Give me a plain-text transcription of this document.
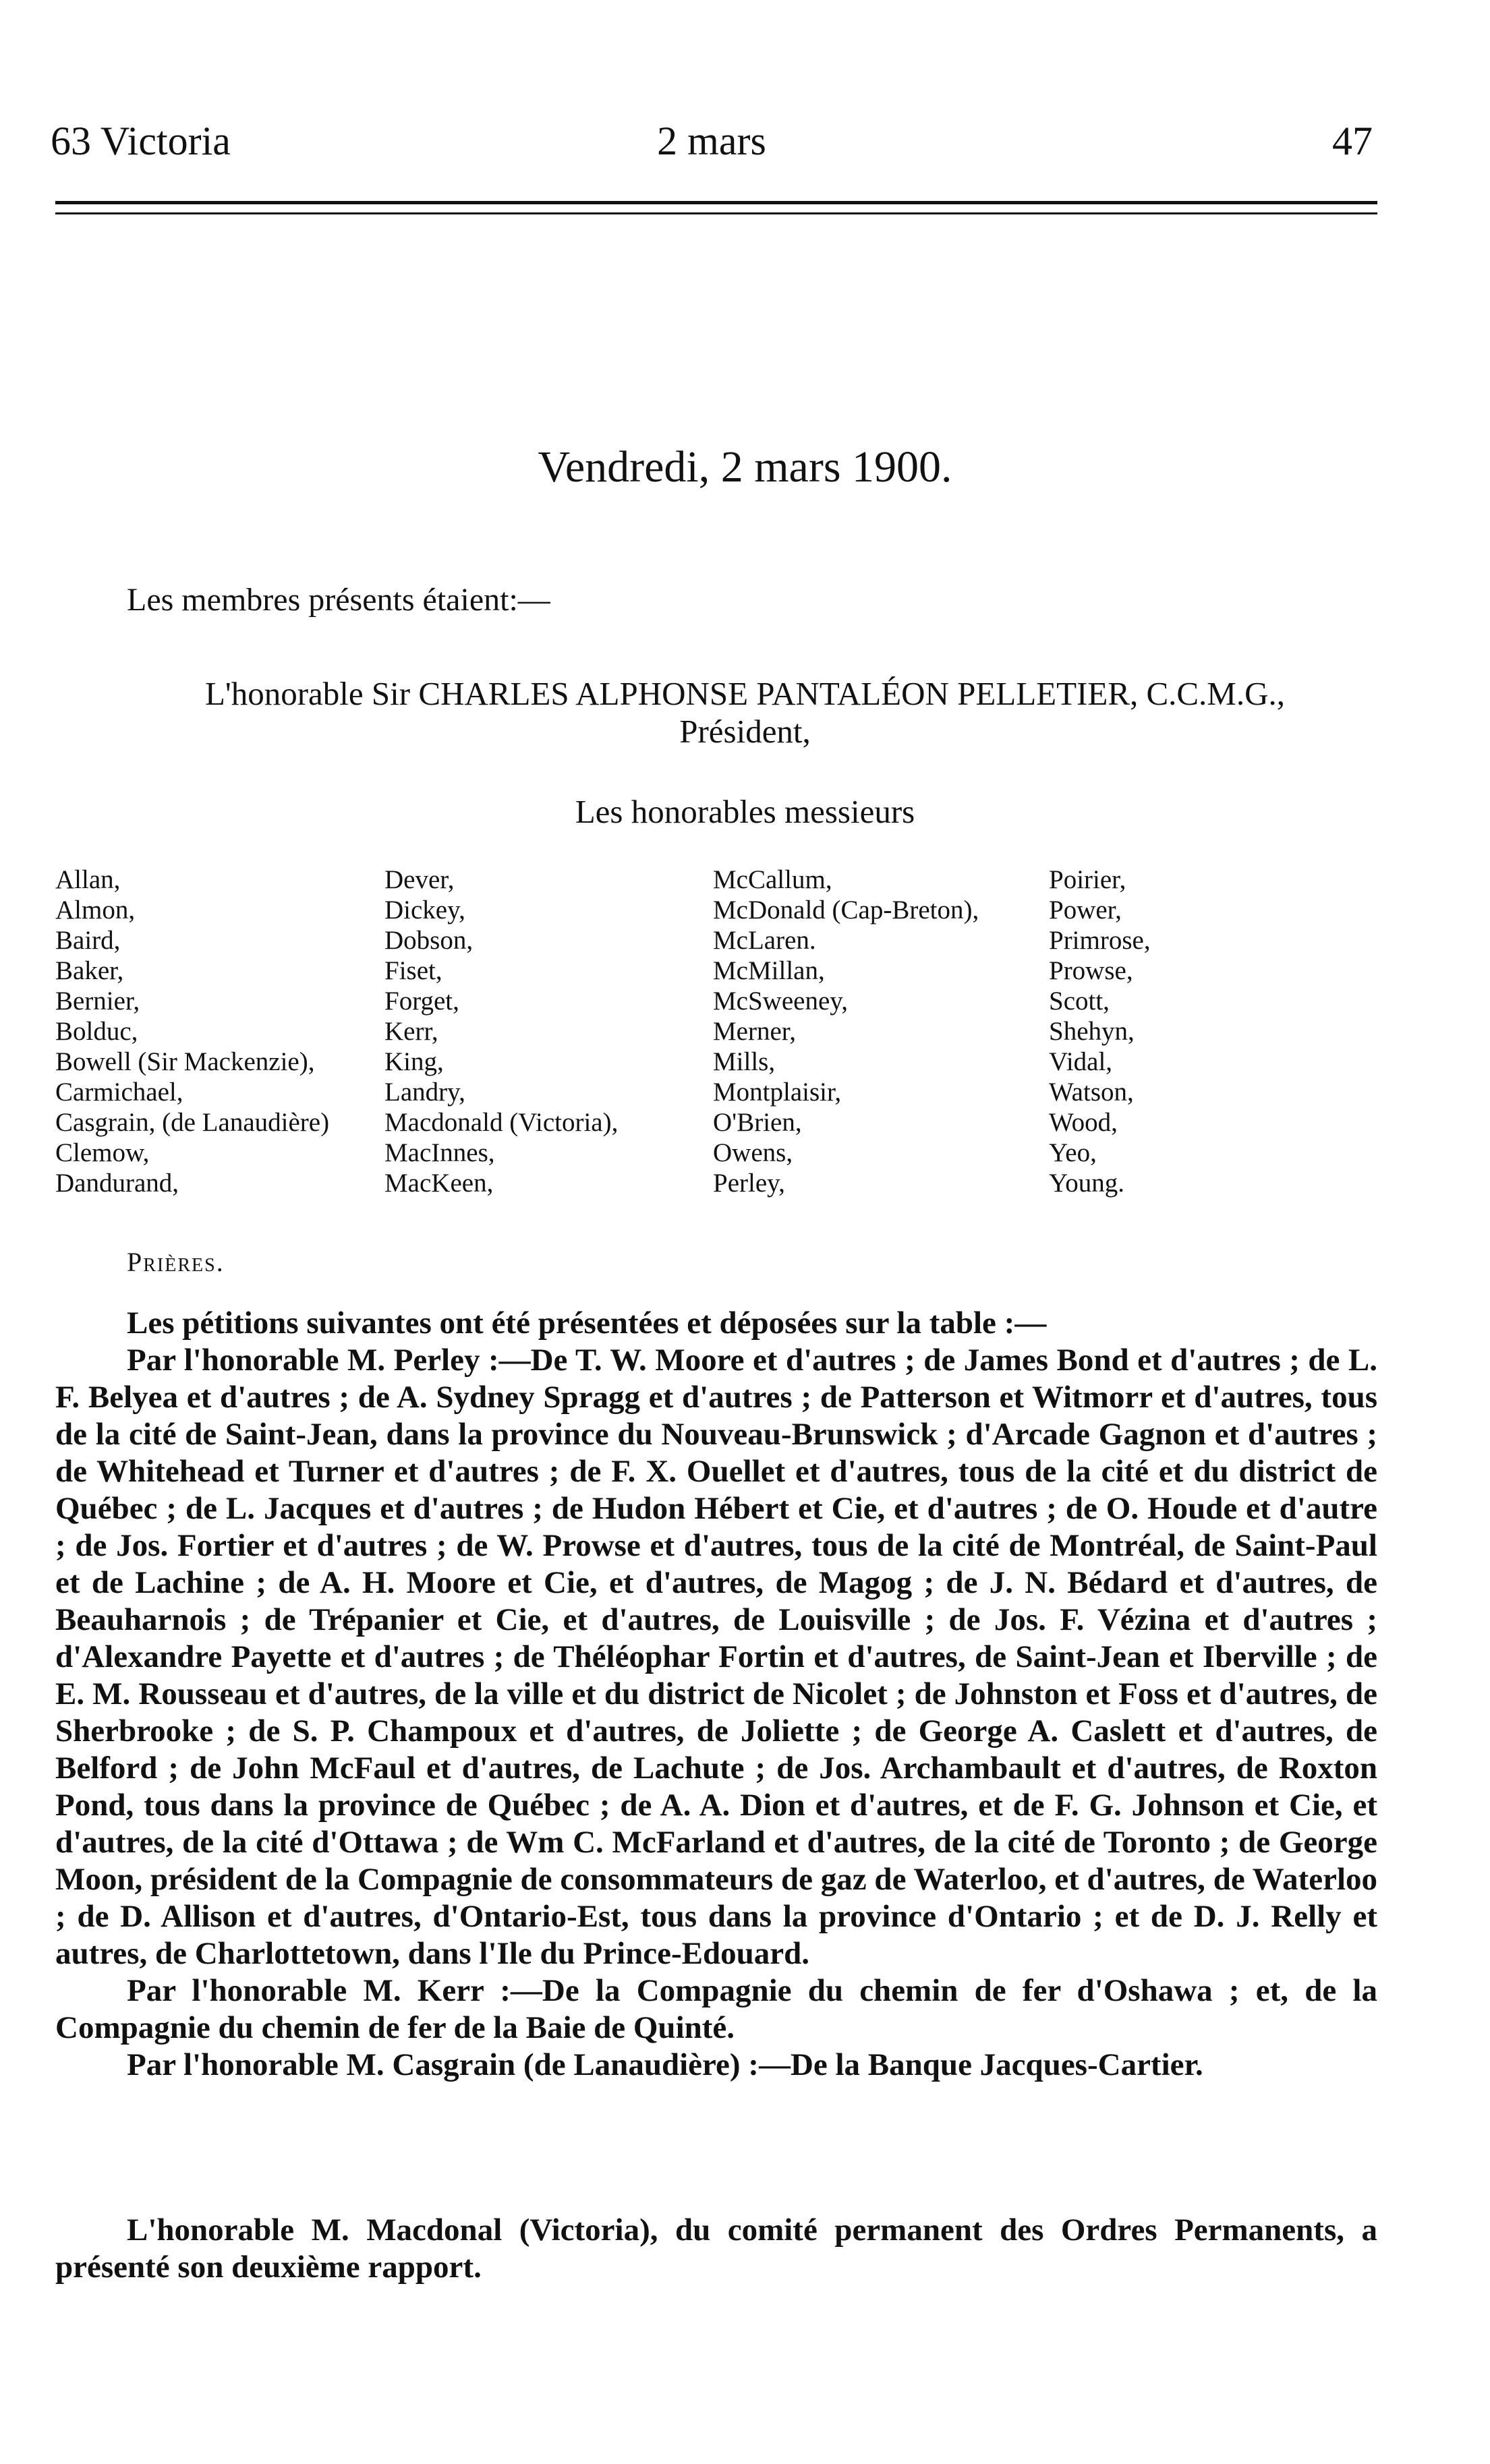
63 Victoria	2 mars	47
Vendredi, 2 mars 1900.
Les membres présents étaient:—
L'honorable Sir CHARLES ALPHONSE PANTALÉON PELLETIER, C.C.M.G.,
Président,
Les honorables messieurs
Allan,
Almon,
Baird,
Baker,
Bernier,
Bolduc,
Bowell (Sir Mackenzie),
Carmichael,
Casgrain, (de Lanaudière)
Clemow,
Dandurand,
Dever,
Dickey,
Dobson,
Fiset,
Forget,
Kerr,
King,
Landry,
Macdonald (Victoria),
MacInnes,
MacKeen,
McCallum,
McDonald (Cap-Breton),
McLaren.
McMillan,
McSweeney,
Merner,
Mills,
Montplaisir,
O'Brien,
Owens,
Perley,
Poirier,
Power,
Primrose,
Prowse,
Scott,
Shehyn,
Vidal,
Watson,
Wood,
Yeo,
Young.
Prières.

Les pétitions suivantes ont été présentées et déposées sur la table :—

Par l'honorable M. Perley :—De T. W. Moore et d'autres ; de James Bond et d'autres ; de L. F. Belyea et d'autres ; de A. Sydney Spragg et d'autres ; de Patterson et Witmorr et d'autres, tous de la cité de Saint-Jean, dans la province du Nouveau-Brunswick ; d'Arcade Gagnon et d'autres ; de Whitehead et Turner et d'autres ; de F. X. Ouellet et d'autres, tous de la cité et du district de Québec ; de L. Jacques et d'autres ; de Hudon Hébert et Cie, et d'autres ; de O. Houde et d'autre ; de Jos. Fortier et d'autres ; de W. Prowse et d'autres, tous de la cité de Montréal, de Saint-Paul et de Lachine ; de A. H. Moore et Cie, et d'autres, de Magog ; de J. N. Bédard et d'autres, de Beauharnois ; de Trépanier et Cie, et d'autres, de Louisville ; de Jos. F. Vézina et d'autres ; d'Alexandre Payette et d'autres ; de Théléophar Fortin et d'autres, de Saint-Jean et Iberville ; de E. M. Rousseau et d'autres, de la ville et du district de Nicolet ; de Johnston et Foss et d'autres, de Sherbrooke ; de S. P. Champoux et d'autres, de Joliette ; de George A. Caslett et d'autres, de Belford ; de John McFaul et d'autres, de Lachute ; de Jos. Archambault et d'autres, de Roxton Pond, tous dans la province de Québec ; de A. A. Dion et d'autres, et de F. G. Johnson et Cie, et d'autres, de la cité d'Ottawa ; de Wm C. McFarland et d'autres, de la cité de Toronto ; de George Moon, président de la Compagnie de consommateurs de gaz de Waterloo, et d'autres, de Waterloo ; de D. Allison et d'autres, d'Ontario-Est, tous dans la province d'Ontario ; et de D. J. Relly et autres, de Charlottetown, dans l'Ile du Prince-Edouard.

Par l'honorable M. Kerr :—De la Compagnie du chemin de fer d'Oshawa ; et, de la Compagnie du chemin de fer de la Baie de Quinté.

Par l'honorable M. Casgrain (de Lanaudière) :—De la Banque Jacques-Cartier.

L'honorable M. Macdonal (Victoria), du comité permanent des Ordres Permanents, a présenté son deuxième rapport.
